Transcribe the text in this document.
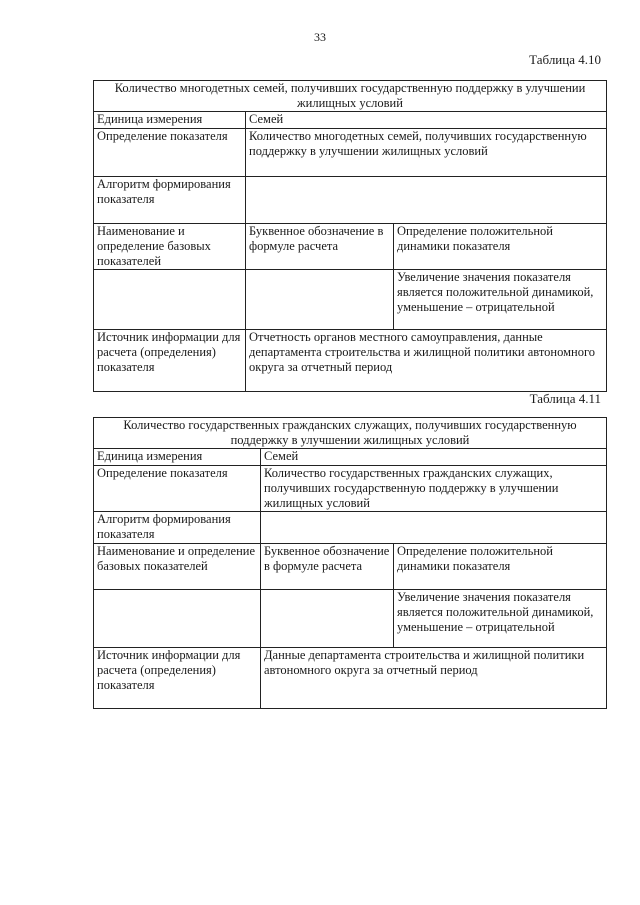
33
Таблица 4.10
Количество многодетных семей, получивших государственную поддержку в улучшении жилищных условий		
Единица измерения	Семей	
Определение показателя	Количество многодетных семей, получивших государственную поддержку в улучшении жилищных условий	
Алгоритм формирования показателя		
Наименование и определение базовых показателей	Буквенное обозначение в формуле расчета	Определение положительной динамики показателя
		Увеличение значения показателя является положительной динамикой, уменьшение – отрицательной
Источник информации для расчета (определения) показателя	Отчетность органов местного самоуправления, данные департамента строительства и жилищной политики автономного округа за отчетный период	
Таблица 4.11
Количество государственных гражданских служащих, получивших государственную поддержку в улучшении жилищных условий		
Единица измерения	Семей	
Определение показателя	Количество государственных гражданских служащих, получивших государственную поддержку в улучшении жилищных условий	
Алгоритм формирования показателя		
Наименование и определение базовых показателей	Буквенное обозначение в формуле расчета	Определение положительной динамики показателя
		Увеличение значения показателя является положительной динамикой, уменьшение – отрицательной
Источник информации для расчета (определения) показателя	Данные департамента строительства и жилищной политики автономного округа за отчетный период	
